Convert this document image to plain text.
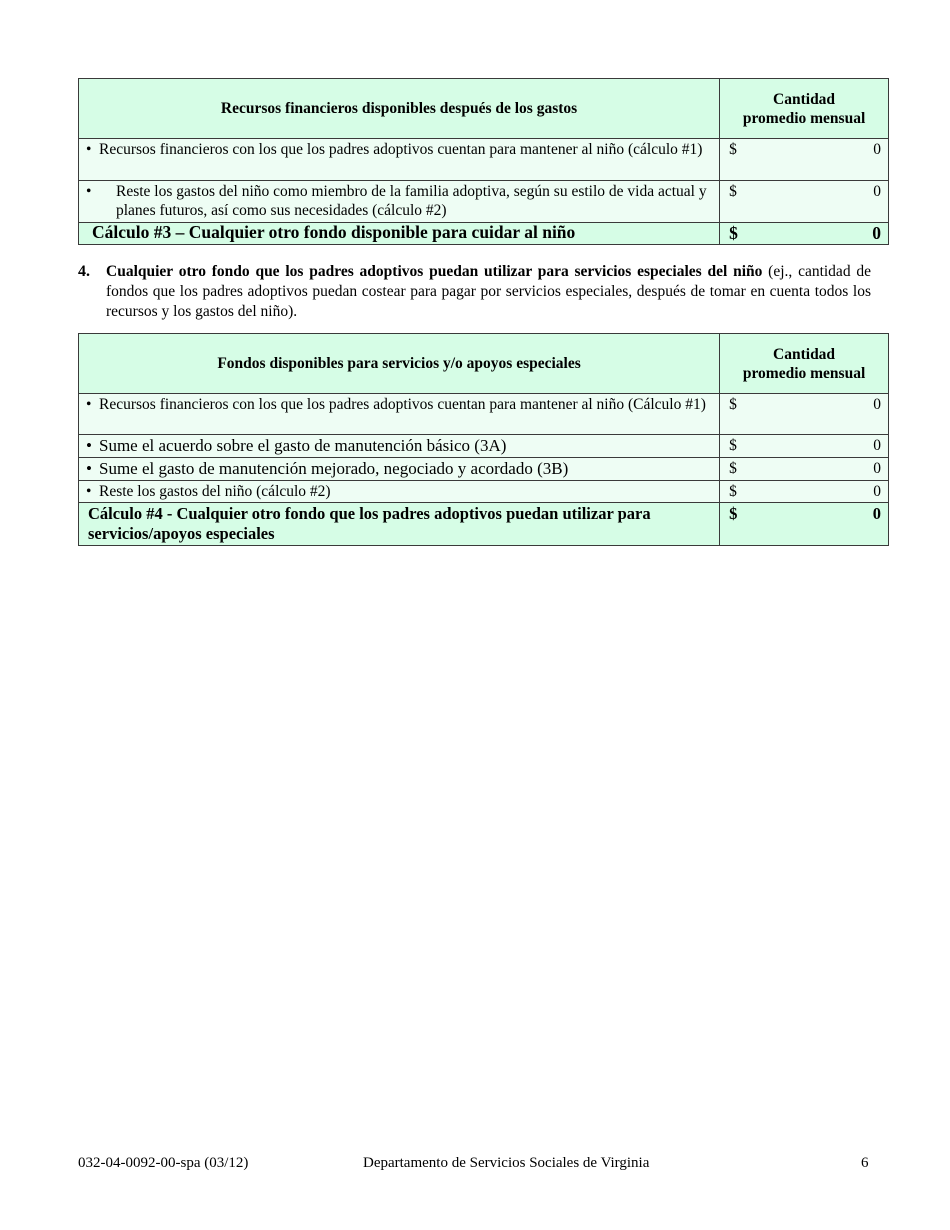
Recursos financieros disponibles después de los gastos	Cantidad promedio mensual

• Recursos financieros con los que los padres adoptivos cuentan para mantener al niño (cálculo #1)	$ 0

• Reste los gastos del niño como miembro de la familia adoptiva, según su estilo de vida actual y planes futuros, así como sus necesidades (cálculo #2)	$ 0

Cálculo #3 – Cualquier otro fondo disponible para cuidar al niño	$ 0
4. Cualquier otro fondo que los padres adoptivos puedan utilizar para servicios especiales del niño (ej., cantidad de fondos que los padres adoptivos puedan costear para pagar por servicios especiales, después de tomar en cuenta todos los recursos y los gastos del niño).
Fondos disponibles para servicios y/o apoyos especiales	Cantidad promedio mensual

• Recursos financieros con los que los padres adoptivos cuentan para mantener al niño (Cálculo #1)	$ 0

• Sume el acuerdo sobre el gasto de manutención básico (3A)	$ 0

• Sume el gasto de manutención mejorado, negociado y acordado (3B)	$ 0

• Reste los gastos del niño (cálculo #2)	$ 0

Cálculo #4 - Cualquier otro fondo que los padres adoptivos puedan utilizar para servicios/apoyos especiales	$ 0
032-04-0092-00-spa (03/12)	Departamento de Servicios Sociales de Virginia	6
